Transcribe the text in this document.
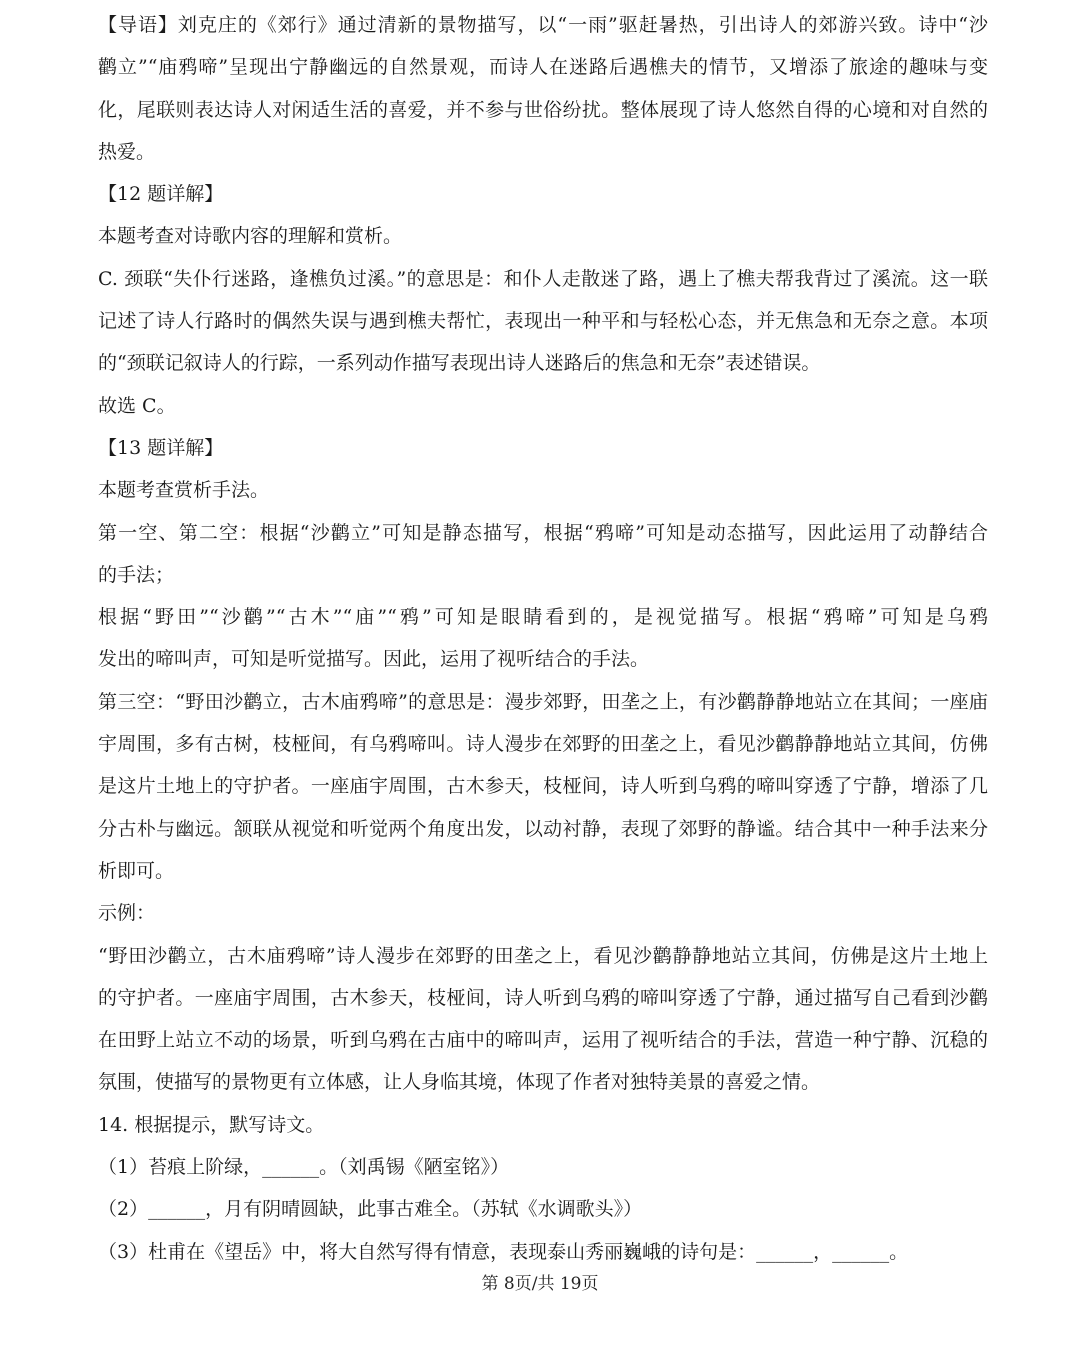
【导语】刘克庄的《郊行》通过清新的景物描写，以“一雨”驱赶暑热，引出诗人的郊游兴致。诗中“沙
鹳立”“庙鸦啼”呈现出宁静幽远的自然景观，而诗人在迷路后遇樵夫的情节，又增添了旅途的趣味与变
化，尾联则表达诗人对闲适生活的喜爱，并不参与世俗纷扰。整体展现了诗人悠然自得的心境和对自然的
热爱。
【12 题详解】
本题考查对诗歌内容的理解和赏析。
C. 颈联“失仆行迷路，逢樵负过溪。”的意思是：和仆人走散迷了路，遇上了樵夫帮我背过了溪流。这一联
记述了诗人行路时的偶然失误与遇到樵夫帮忙，表现出一种平和与轻松心态，并无焦急和无奈之意。本项
的“颈联记叙诗人的行踪，一系列动作描写表现出诗人迷路后的焦急和无奈”表述错误。
故选 C。
【13 题详解】
本题考查赏析手法。
第一空、第二空：根据“沙鹳立”可知是静态描写，根据“鸦啼”可知是动态描写，因此运用了动静结合
的手法；
根据“野田”“沙鹳”“古木”“庙”“鸦”可知是眼睛看到的，是视觉描写。根据“鸦啼”可知是乌鸦
发出的啼叫声，可知是听觉描写。因此，运用了视听结合的手法。
第三空：“野田沙鹳立，古木庙鸦啼”的意思是：漫步郊野，田垄之上，有沙鹳静静地站立在其间；一座庙
宇周围，多有古树，枝桠间，有乌鸦啼叫。诗人漫步在郊野的田垄之上，看见沙鹳静静地站立其间，仿佛
是这片土地上的守护者。一座庙宇周围，古木参天，枝桠间，诗人听到乌鸦的啼叫穿透了宁静，增添了几
分古朴与幽远。颔联从视觉和听觉两个角度出发，以动衬静，表现了郊野的静谧。结合其中一种手法来分
析即可。
示例：
“野田沙鹳立，古木庙鸦啼”诗人漫步在郊野的田垄之上，看见沙鹳静静地站立其间，仿佛是这片土地上
的守护者。一座庙宇周围，古木参天，枝桠间，诗人听到乌鸦的啼叫穿透了宁静，通过描写自己看到沙鹳
在田野上站立不动的场景，听到乌鸦在古庙中的啼叫声，运用了视听结合的手法，营造一种宁静、沉稳的
氛围，使描写的景物更有立体感，让人身临其境，体现了作者对独特美景的喜爱之情。
14. 根据提示，默写诗文。
（1）苔痕上阶绿，______。（刘禹锡《陋室铭》）
（2）______，月有阴晴圆缺，此事古难全。（苏轼《水调歌头》）
（3）杜甫在《望岳》中，将大自然写得有情意，表现泰山秀丽巍峨的诗句是：______，______。
第 8页/共 19页
